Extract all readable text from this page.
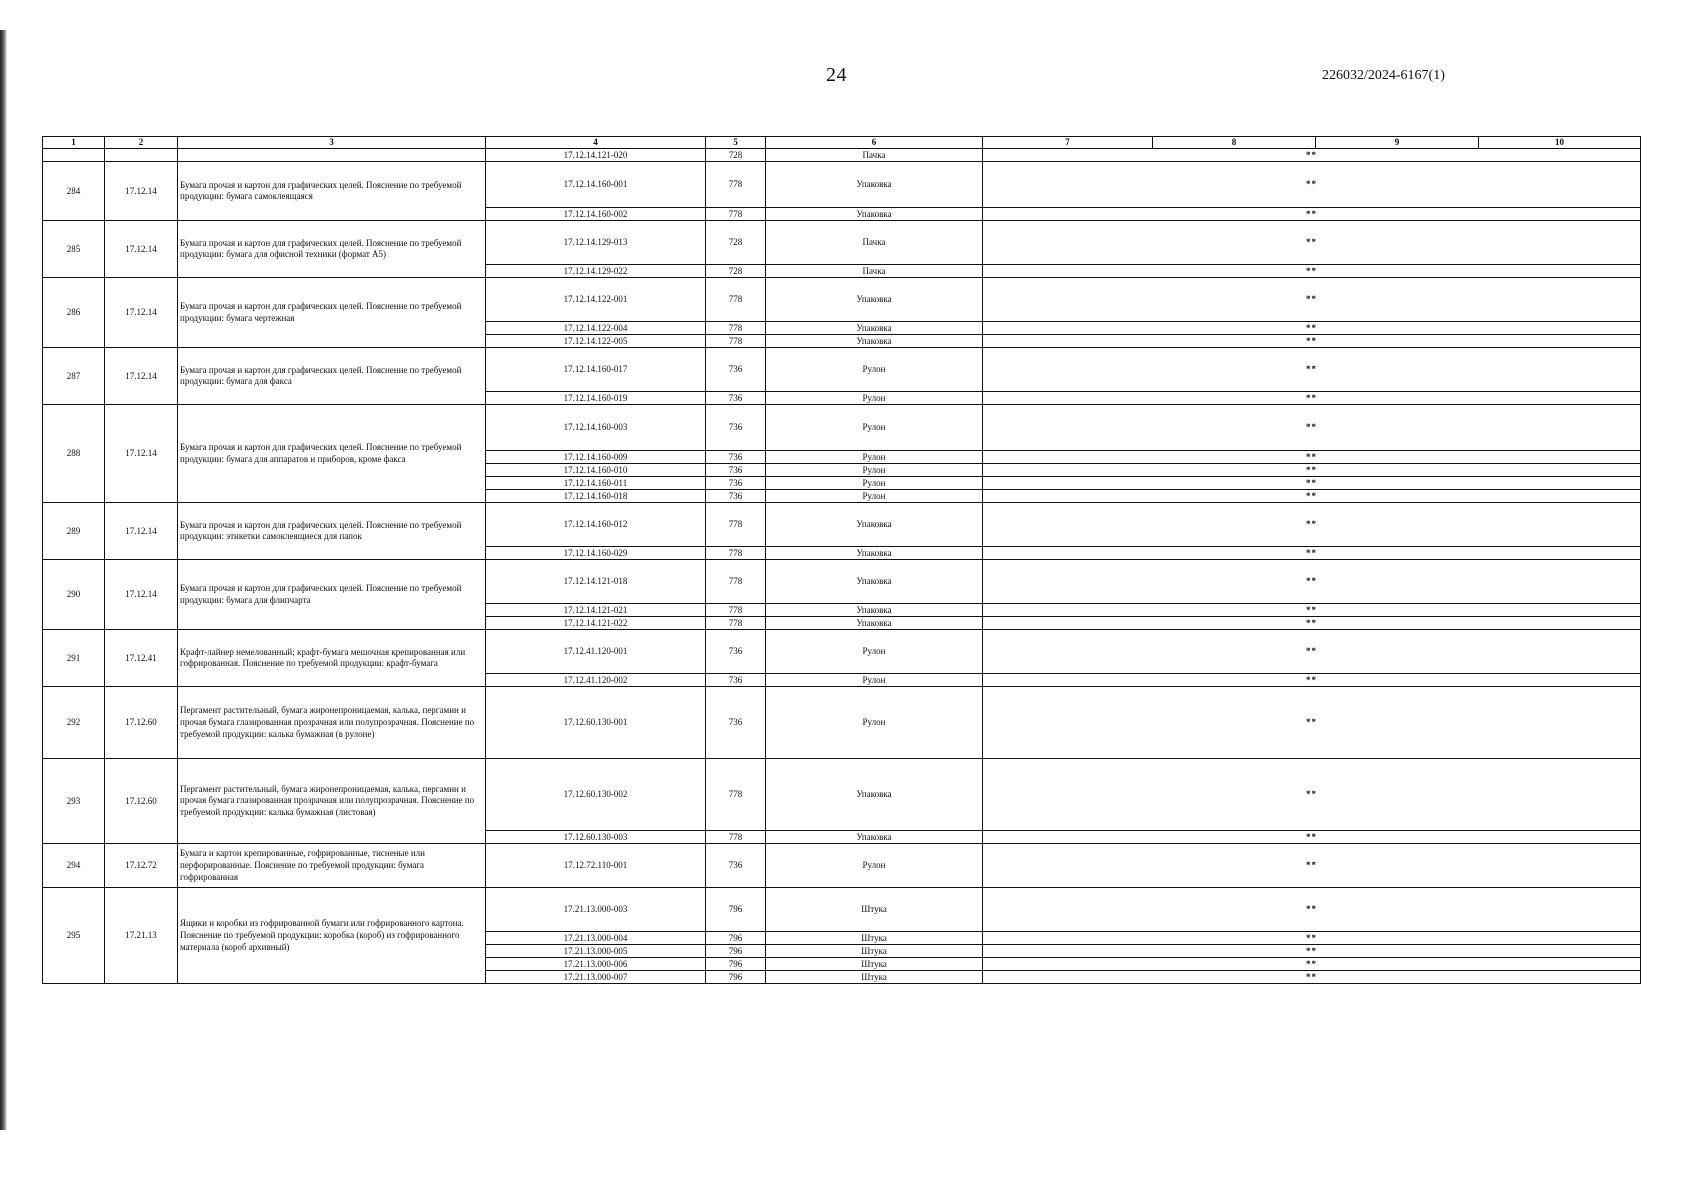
24	226032/2024-6167(1)
1	2	3	4	5	6	7	8	9	10
			17.12.14.121-020	728	Пачка	**			
284	17.12.14	Бумага прочая и картон для графических целей. Пояснение по требуемой продукции: бумага самоклеящаяся	17.12.14.160-001	778	Упаковка	**			
			17.12.14.160-002	778	Упаковка	**			
285	17.12.14	Бумага прочая и картон для графических целей. Пояснение по требуемой продукции: бумага для офисной техники (формат А5)	17.12.14.129-013	728	Пачка	**			
			17.12.14.129-022	728	Пачка	**			
286	17.12.14	Бумага прочая и картон для графических целей. Пояснение по требуемой продукции: бумага чертежная	17.12.14.122-001	778	Упаковка	**			
			17.12.14.122-004	778	Упаковка	**			
			17.12.14.122-005	778	Упаковка	**			
287	17.12.14	Бумага прочая и картон для графических целей. Пояснение по требуемой продукции: бумага для факса	17.12.14.160-017	736	Рулон	**			
			17.12.14.160-019	736	Рулон	**			
288	17.12.14	Бумага прочая и картон для графических целей. Пояснение по требуемой продукции: бумага для аппаратов и приборов, кроме факса	17.12.14.160-003	736	Рулон	**			
			17.12.14.160-009	736	Рулон	**			
			17.12.14.160-010	736	Рулон	**			
			17.12.14.160-011	736	Рулон	**			
			17.12.14.160-018	736	Рулон	**			
289	17.12.14	Бумага прочая и картон для графических целей. Пояснение по требуемой продукции: этикетки самоклеящиеся для папок	17.12.14.160-012	778	Упаковка	**			
			17.12.14.160-029	778	Упаковка	**			
290	17.12.14	Бумага прочая и картон для графических целей. Пояснение по требуемой продукции: бумага для флипчарта	17.12.14.121-018	778	Упаковка	**			
			17.12.14.121-021	778	Упаковка	**			
			17.12.14.121-022	778	Упаковка	**			
291	17.12.41	Крафт-лайнер немелованный; крафт-бумага мешочная крепированная или гофрированная. Пояснение по требуемой продукции: крафт-бумага	17.12.41.120-001	736	Рулон	**			
			17.12.41.120-002	736	Рулон	**			
292	17.12.60	Пергамент растительный, бумага жиронепроницаемая, калька, пергамин и прочая бумага глазированная прозрачная или полупрозрачная. Пояснение по требуемой продукции: калька бумажная (в рулоне)	17.12.60.130-001	736	Рулон	**			
293	17.12.60	Пергамент растительный, бумага жиронепроницаемая, калька, пергамин и прочая бумага глазированная прозрачная или полупрозрачная. Пояснение по требуемой продукции: калька бумажная (листовая)	17.12.60.130-002	778	Упаковка	**			
			17.12.60.130-003	778	Упаковка	**			
294	17.12.72	Бумага и картон крепированные, гофрированные, тисненые или перфорированные. Пояснение по требуемой продукции: бумага гофрированная	17.12.72.110-001	736	Рулон	**			
295	17.21.13	Ящики и коробки из гофрированной бумаги или гофрированного картона. Пояснение по требуемой продукции: коробка (короб) из гофрированного материала (короб архивный)	17.21.13.000-003	796	Штука	**			
			17.21.13.000-004	796	Штука	**			
			17.21.13.000-005	796	Штука	**			
			17.21.13.000-006	796	Штука	**			
			17.21.13.000-007	796	Штука	**			
